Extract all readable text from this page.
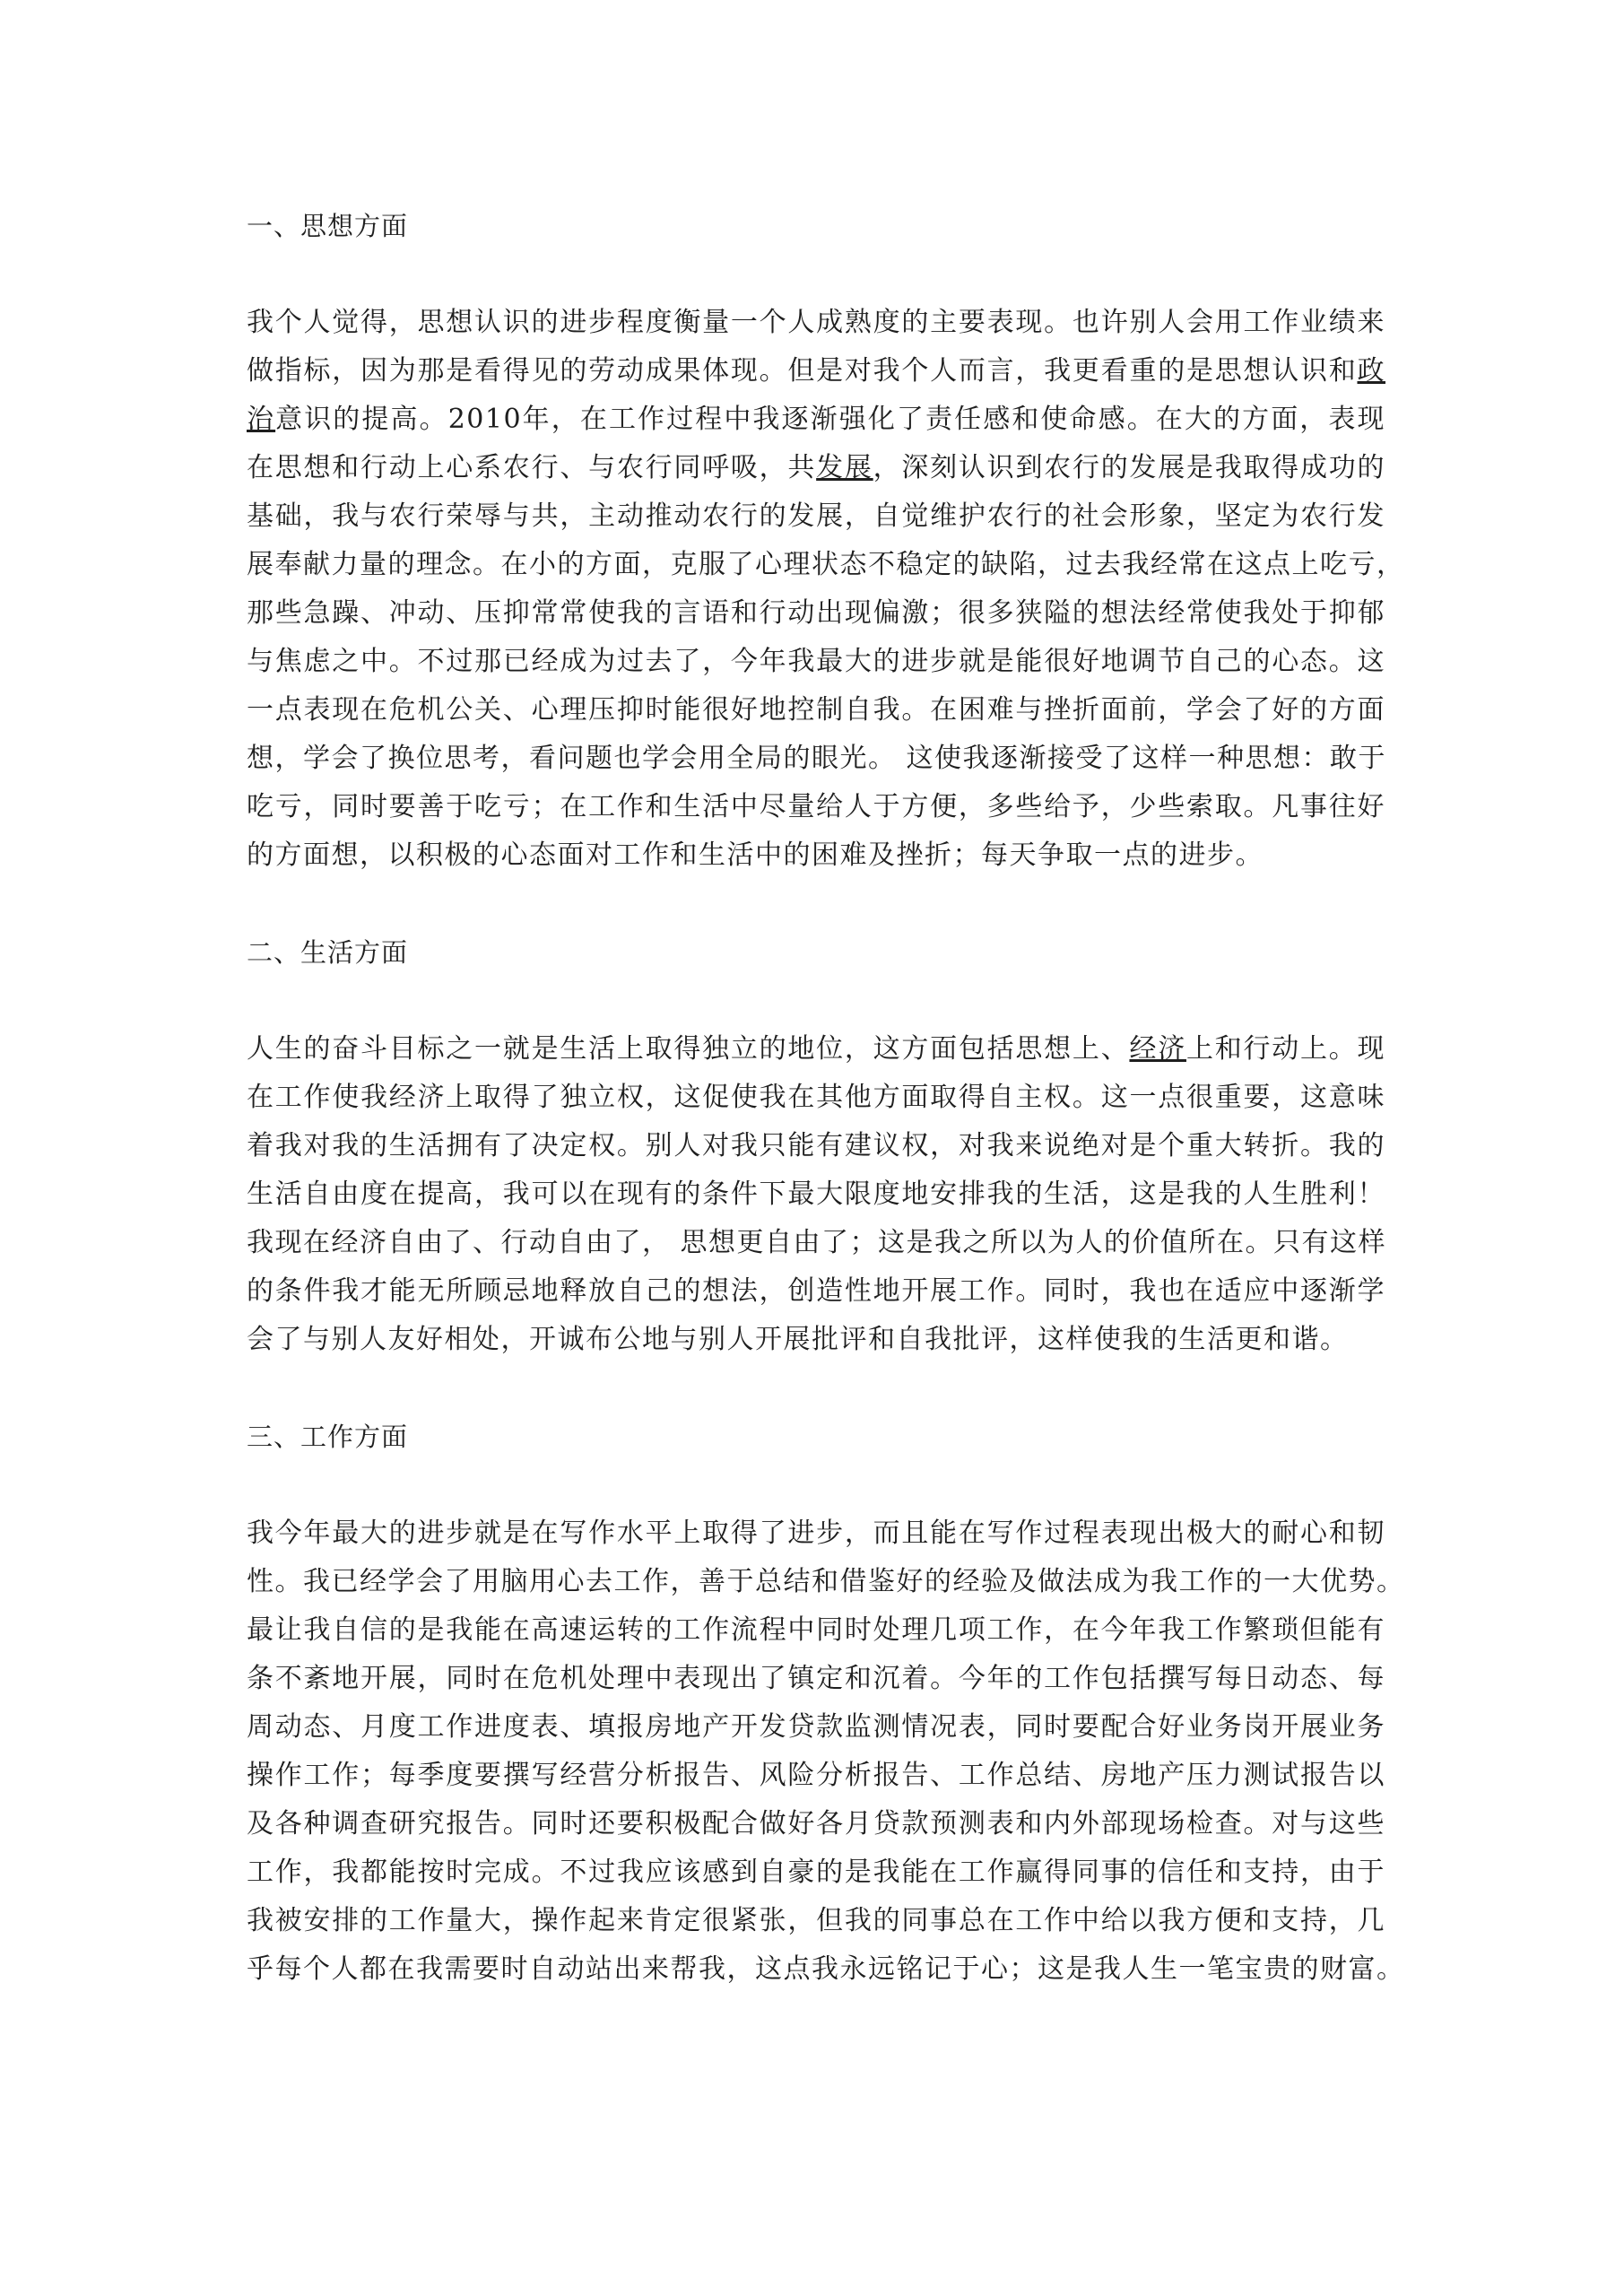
一、思想方面
我个人觉得，思想认识的进步程度衡量一个人成熟度的主要表现。也许别人会用工作业绩来
做指标，因为那是看得见的劳动成果体现。但是对我个人而言，我更看重的是思想认识和政
治意识的提高。2010年，在工作过程中我逐渐强化了责任感和使命感。在大的方面，表现
在思想和行动上心系农行、与农行同呼吸，共发展，深刻认识到农行的发展是我取得成功的
基础，我与农行荣辱与共，主动推动农行的发展，自觉维护农行的社会形象，坚定为农行发
展奉献力量的理念。在小的方面，克服了心理状态不稳定的缺陷，过去我经常在这点上吃亏，
那些急躁、冲动、压抑常常使我的言语和行动出现偏激；很多狭隘的想法经常使我处于抑郁
与焦虑之中。不过那已经成为过去了，今年我最大的进步就是能很好地调节自己的心态。这
一点表现在危机公关、心理压抑时能很好地控制自我。在困难与挫折面前，学会了好的方面
想，学会了换位思考，看问题也学会用全局的眼光。 这使我逐渐接受了这样一种思想：敢于
吃亏，同时要善于吃亏；在工作和生活中尽量给人于方便，多些给予，少些索取。凡事往好
的方面想，以积极的心态面对工作和生活中的困难及挫折；每天争取一点的进步。
二、生活方面
人生的奋斗目标之一就是生活上取得独立的地位，这方面包括思想上、经济上和行动上。现
在工作使我经济上取得了独立权，这促使我在其他方面取得自主权。这一点很重要，这意味
着我对我的生活拥有了决定权。别人对我只能有建议权，对我来说绝对是个重大转折。我的
生活自由度在提高，我可以在现有的条件下最大限度地安排我的生活，这是我的人生胜利！
我现在经济自由了、行动自由了， 思想更自由了；这是我之所以为人的价值所在。只有这样
的条件我才能无所顾忌地释放自己的想法，创造性地开展工作。同时，我也在适应中逐渐学
会了与别人友好相处，开诚布公地与别人开展批评和自我批评，这样使我的生活更和谐。
三、工作方面
我今年最大的进步就是在写作水平上取得了进步，而且能在写作过程表现出极大的耐心和韧
性。我已经学会了用脑用心去工作，善于总结和借鉴好的经验及做法成为我工作的一大优势。
最让我自信的是我能在高速运转的工作流程中同时处理几项工作，在今年我工作繁琐但能有
条不紊地开展，同时在危机处理中表现出了镇定和沉着。今年的工作包括撰写每日动态、每
周动态、月度工作进度表、填报房地产开发贷款监测情况表，同时要配合好业务岗开展业务
操作工作；每季度要撰写经营分析报告、风险分析报告、工作总结、房地产压力测试报告以
及各种调查研究报告。同时还要积极配合做好各月贷款预测表和内外部现场检查。对与这些
工作，我都能按时完成。不过我应该感到自豪的是我能在工作赢得同事的信任和支持，由于
我被安排的工作量大，操作起来肯定很紧张，但我的同事总在工作中给以我方便和支持，几
乎每个人都在我需要时自动站出来帮我，这点我永远铭记于心；这是我人生一笔宝贵的财富。
